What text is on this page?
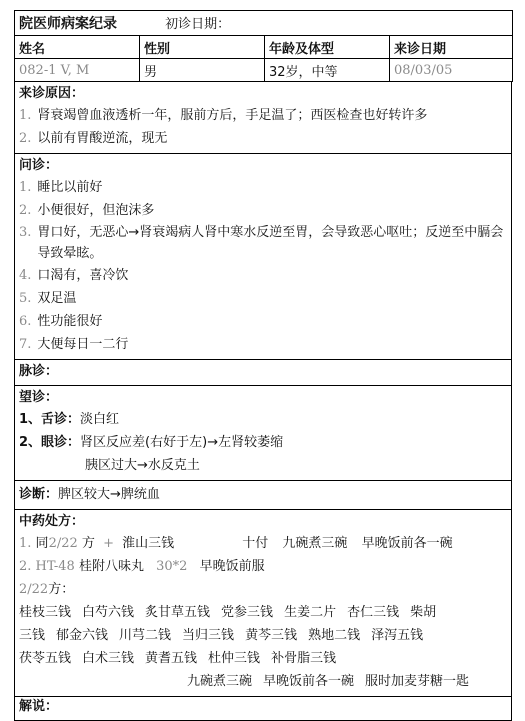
院医师病案纪录 初诊日期：			
姓名	性别	年龄及体型	来诊日期
082-1 V, M	男	32岁，中等	08/03/05
来诊原因：
1. 肾衰竭曾血液透析一年，服前方后，手足温了；西医检查也好转许多
2. 以前有胃酸逆流，现无
问诊：
1. 睡比以前好
2. 小便很好，但泡沫多
3. 胃口好，无恶心→肾衰竭病人肾中寒水反逆至胃，会导致恶心呕吐；反逆至中膈会导致晕眩。
4. 口渴有，喜冷饮
5. 双足温
6. 性功能很好
7. 大便每日一二行
脉诊：
望诊：
1、舌诊：淡白红
2、眼诊：肾区反应差(右好于左)→左肾较萎缩
胰区过大→水反克土
诊断：脾区较大→脾统血
中药处方：
1. 同2/22 方 + 淮山三钱	十付 九碗煮三碗 早晚饭前各一碗
2. HT-48 桂附八味丸 30*2 早晚饭前服
2/22方：
桂枝三钱 白芍六钱 炙甘草五钱 党参三钱 生姜二片 杏仁三钱 柴胡
三钱 郁金六钱 川芎二钱 当归三钱 黄芩三钱 熟地二钱 泽泻五钱
茯苓五钱 白术三钱 黄耆五钱 杜仲三钱 补骨脂三钱
九碗煮三碗 早晚饭前各一碗 服时加麦芽糖一匙
解说：
